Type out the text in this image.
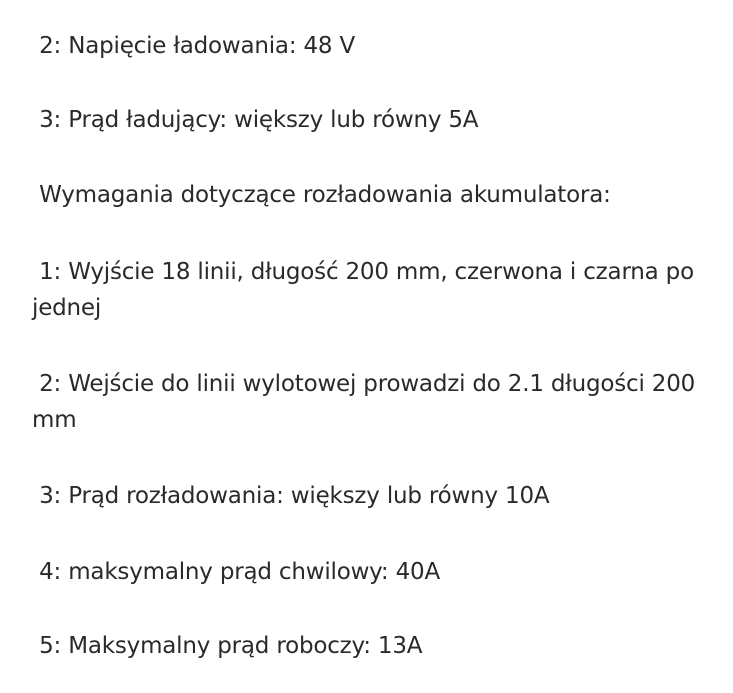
2: Napięcie ładowania: 48 V
3: Prąd ładujący: większy lub równy 5A
Wymagania dotyczące rozładowania akumulatora:
1: Wyjście 18 linii, długość 200 mm, czerwona i czarna po jednej
2: Wejście do linii wylotowej prowadzi do 2.1 długości 200 mm
3: Prąd rozładowania: większy lub równy 10A
4: maksymalny prąd chwilowy: 40A
5: Maksymalny prąd roboczy: 13A
